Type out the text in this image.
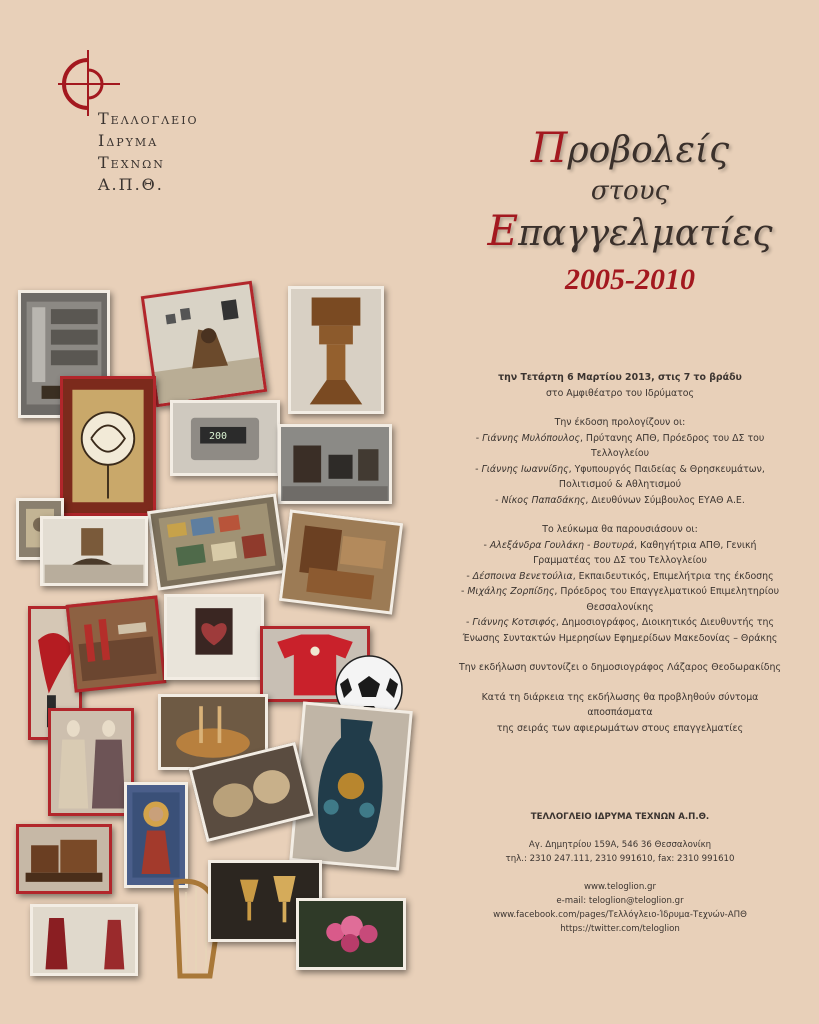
Τελλογλειο
Ιδρυμα
Τεχνων
Α.Π.Θ.
Προβολείς
στους
Επαγγελματίες
2005-2010

την Τετάρτη 6 Μαρτίου 2013, στις 7 το βράδυ

στο Αμφιθέατρο του Ιδρύματος

Την έκδοση προλογίζουν οι:

- Γιάννης Μυλόπουλος, Πρύτανης ΑΠΘ, Πρόεδρος του ΔΣ του Τελλογλείου

- Γιάννης Ιωαννίδης, Υφυπουργός Παιδείας & Θρησκευμάτων, Πολιτισμού & Αθλητισμού

- Νίκος Παπαδάκης, Διευθύνων Σύμβουλος ΕΥΑΘ Α.Ε.

Το λεύκωμα θα παρουσιάσουν οι:

- Αλεξάνδρα Γουλάκη - Βουτυρά, Καθηγήτρια ΑΠΘ, Γενική Γραμματέας του ΔΣ του Τελλογλείου

- Δέσποινα Βενετούλια, Εκπαιδευτικός, Επιμελήτρια της έκδοσης

- Μιχάλης Ζορπίδης, Πρόεδρος του Επαγγελματικού Επιμελητηρίου Θεσσαλονίκης

- Γιάννης Κοτσιφός, Δημοσιογράφος, Διοικητικός Διευθυντής της Ένωσης Συντακτών Ημερησίων Εφημερίδων Μακεδονίας – Θράκης

Την εκδήλωση συντονίζει ο δημοσιογράφος Λάζαρος Θεοδωρακίδης

Κατά τη διάρκεια της εκδήλωσης θα προβληθούν σύντομα αποσπάσματα

της σειράς των αφιερωμάτων στους επαγγελματίες

ΤΕΛΛΟΓΛΕΙΟ ΙΔΡΥΜΑ ΤΕΧΝΩΝ Α.Π.Θ.

Αγ. Δημητρίου 159Α, 546 36 Θεσσαλονίκη

τηλ.: 2310 247.111, 2310 991610, fax: 2310 991610

www.teloglion.gr

e-mail: teloglion@teloglion.gr

www.facebook.com/pages/Τελλόγλειο-Ίδρυμα-Τεχνών-ΑΠΘ

https://twitter.com/teloglion

200
